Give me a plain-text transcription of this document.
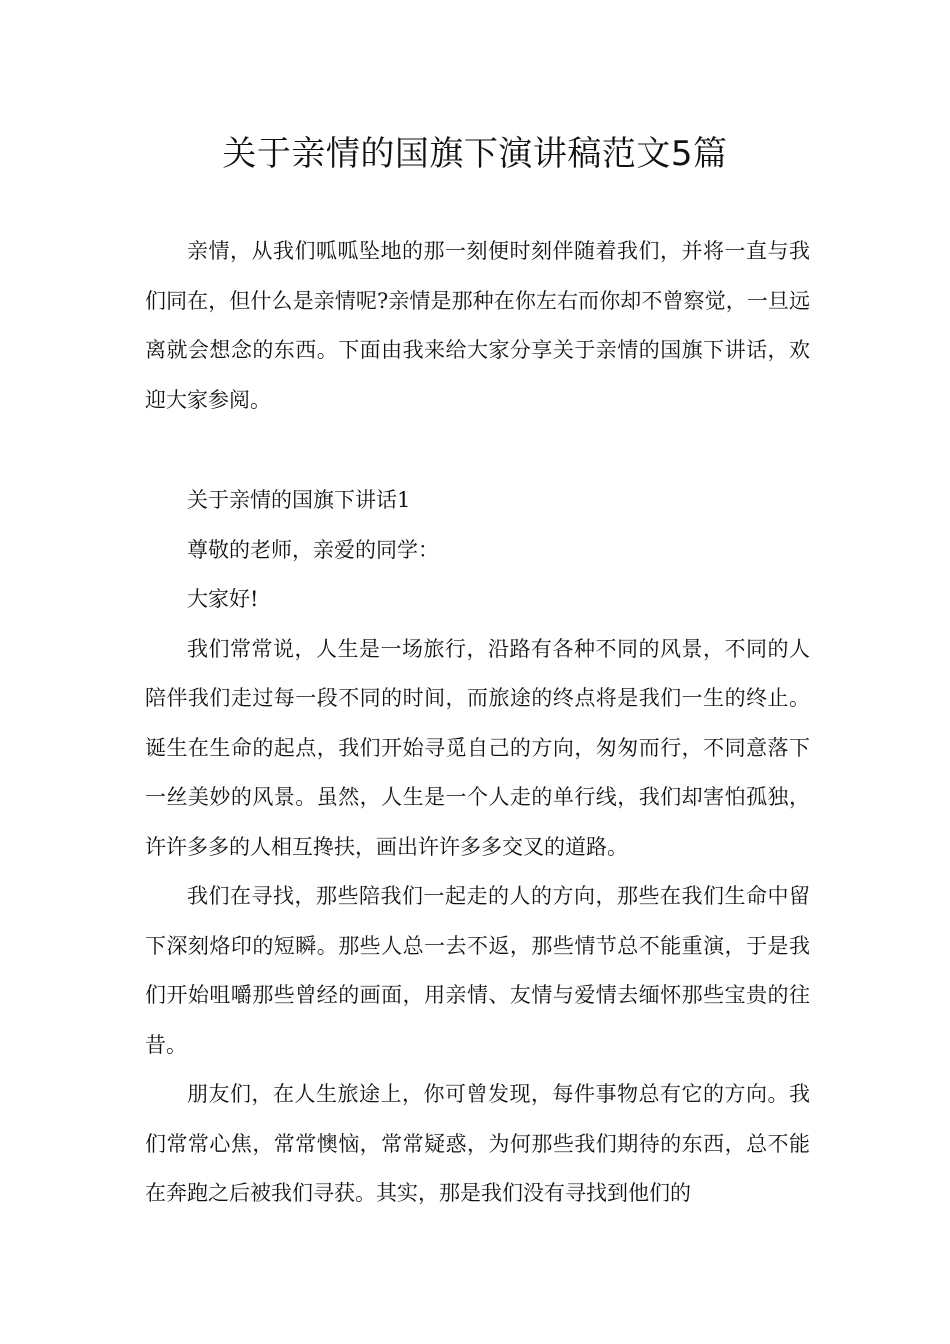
关于亲情的国旗下演讲稿范文5篇

亲情，从我们呱呱坠地的那一刻便时刻伴随着我们，并将一直与我们同在，但什么是亲情呢?亲情是那种在你左右而你却不曾察觉，一旦远离就会想念的东西。下面由我来给大家分享关于亲情的国旗下讲话，欢迎大家参阅。

关于亲情的国旗下讲话1

尊敬的老师，亲爱的同学：

大家好!

我们常常说，人生是一场旅行，沿路有各种不同的风景，不同的人陪伴我们走过每一段不同的时间，而旅途的终点将是我们一生的终止。诞生在生命的起点，我们开始寻觅自己的方向，匆匆而行，不同意落下一丝美妙的风景。虽然，人生是一个人走的单行线，我们却害怕孤独，许许多多的人相互搀扶，画出许许多多交叉的道路。

我们在寻找，那些陪我们一起走的人的方向，那些在我们生命中留下深刻烙印的短瞬。那些人总一去不返，那些情节总不能重演，于是我们开始咀嚼那些曾经的画面，用亲情、友情与爱情去缅怀那些宝贵的往昔。

朋友们，在人生旅途上，你可曾发现，每件事物总有它的方向。我们常常心焦，常常懊恼，常常疑惑，为何那些我们期待的东西，总不能在奔跑之后被我们寻获。其实，那是我们没有寻找到他们的
